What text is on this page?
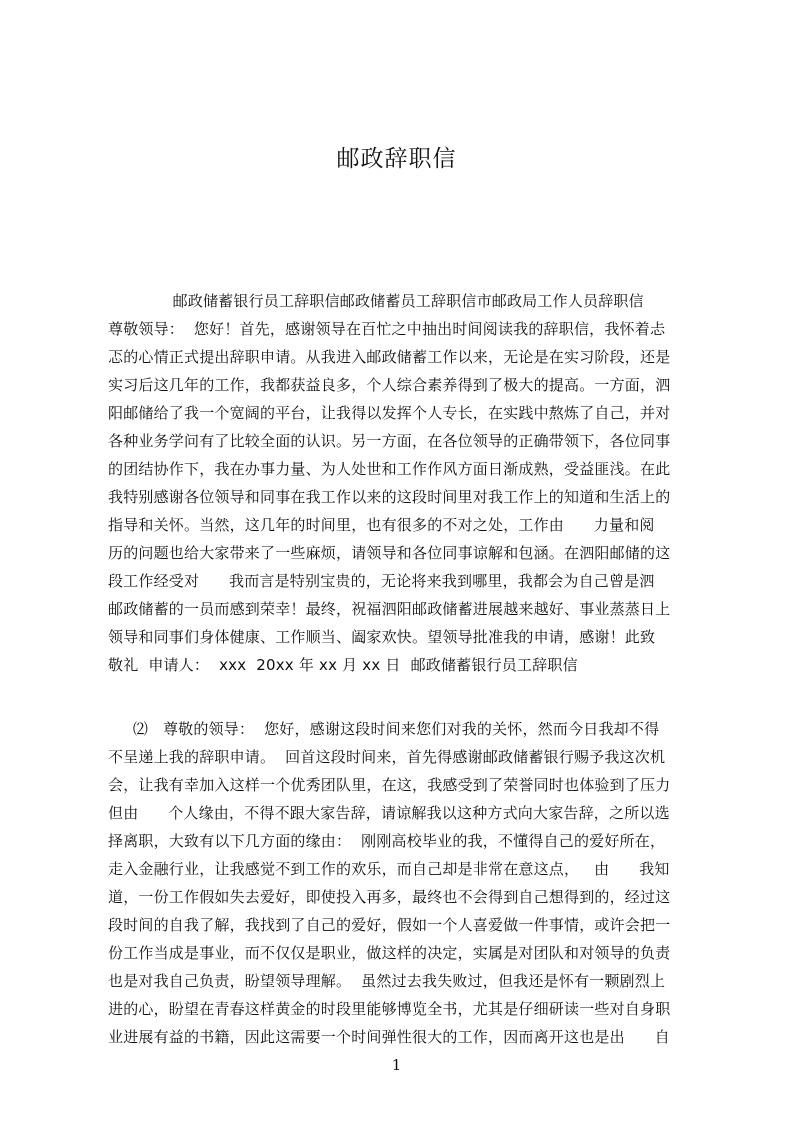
邮政辞职信
邮政储蓄银行员工辞职信邮政储蓄员工辞职信市邮政局工作人员辞职信
尊敬领导：  您好！首先，感谢领导在百忙之中抽出时间阅读我的辞职信，我怀着忐
忑的心情正式提出辞职申请。从我进入邮政储蓄工作以来，无论是在实习阶段，还是
实习后这几年的工作，我都获益良多，个人综合素养得到了极大的提高。一方面，泗
阳邮储给了我一个宽阔的平台，让我得以发挥个人专长，在实践中熬炼了自己，并对
各种业务学问有了比较全面的认识。另一方面，在各位领导的正确带领下，各位同事
的团结协作下，我在办事力量、为人处世和工作作风方面日渐成熟，受益匪浅。在此
我特别感谢各位领导和同事在我工作以来的这段时间里对我工作上的知道和生活上的
指导和关怀。当然，这几年的时间里，也有很多的不对之处，工作由      力量和阅
历的问题也给大家带来了一些麻烦，请领导和各位同事谅解和包涵。在泗阳邮储的这
段工作经受对      我而言是特别宝贵的，无论将来我到哪里，我都会为自己曾是泗
邮政储蓄的一员而感到荣幸！最终，祝福泗阳邮政储蓄进展越来越好、事业蒸蒸日上
领导和同事们身体健康、工作顺当、阖家欢快。望领导批准我的申请，感谢！此致
敬礼  申请人：  xxx  20xx 年 xx 月 xx 日  邮政储蓄银行员工辞职信
⑵   尊敬的领导：  您好，感谢这段时间来您们对我的关怀，然而今日我却不得
不呈递上我的辞职申请。  回首这段时间来，首先得感谢邮政储蓄银行赐予我这次机
会，让我有幸加入这样一个优秀团队里，在这，我感受到了荣誉同时也体验到了压力
但由      个人缘由，不得不跟大家告辞，请谅解我以这种方式向大家告辞，之所以选
择离职，大致有以下几方面的缘由：  刚刚高校毕业的我，不懂得自己的爱好所在，
走入金融行业，让我感觉不到工作的欢乐，而自己却是非常在意这点，   由      我知
道，一份工作假如失去爱好，即使投入再多，最终也不会得到自己想得到的，经过这
段时间的自我了解，我找到了自己的爱好，假如一个人喜爱做一件事情，或许会把一
份工作当成是事业，而不仅仅是职业，做这样的决定，实属是对团队和对领导的负责
也是对我自己负责，盼望领导理解。  虽然过去我失败过，但我还是怀有一颗剧烈上
进的心，盼望在青春这样黄金的时段里能够博览全书，尤其是仔细研读一些对自身职
业进展有益的书籍，因此这需要一个时间弹性很大的工作，因而离开这也是出      自
1
